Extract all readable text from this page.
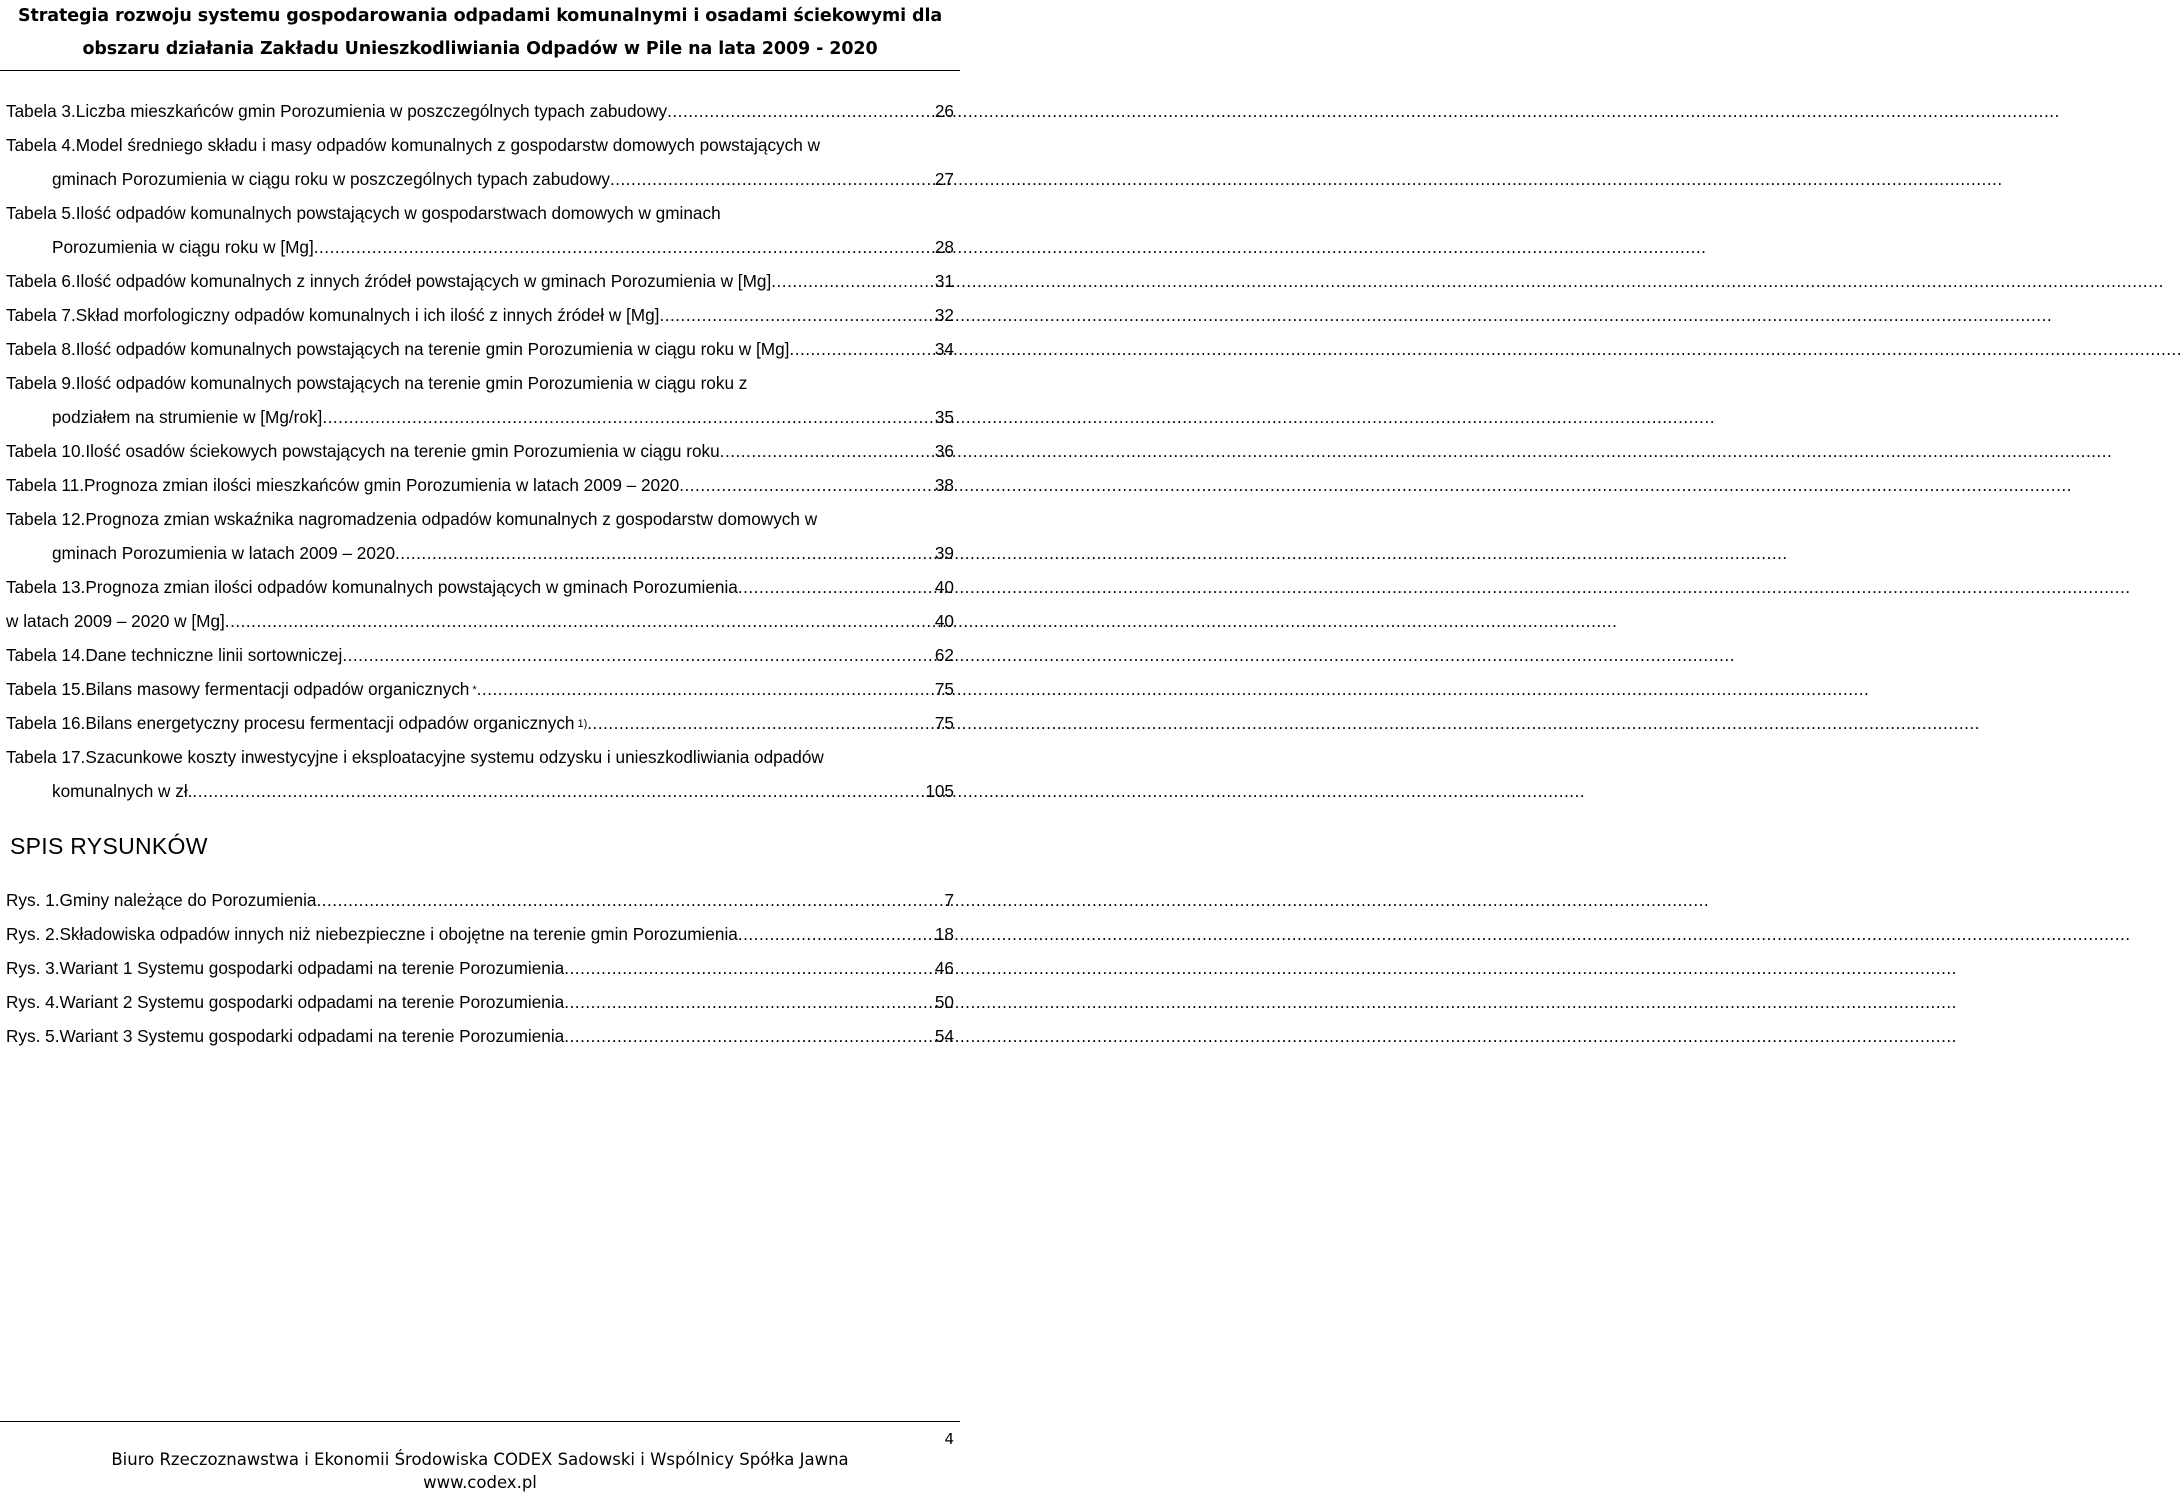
Strategia rozwoju systemu gospodarowania odpadami komunalnymi i osadami ściekowymi dla
obszaru działania Zakładu Unieszkodliwiania Odpadów w Pile na lata 2009 - 2020
Tabela 3. Liczba mieszkańców gmin Porozumienia w poszczególnych typach zabudowy .....	26
Tabela 4. Model średniego składu i masy odpadów komunalnych z gospodarstw domowych powstających w
gminach Porozumienia w ciągu roku w poszczególnych typach zabudowy .....	27
Tabela 5. Ilość odpadów komunalnych powstających w gospodarstwach domowych w gminach
Porozumienia w ciągu roku w [Mg] .....	28
Tabela 6. Ilość odpadów komunalnych z innych źródeł powstających w gminach Porozumienia w [Mg] .....	31
Tabela 7. Skład morfologiczny odpadów komunalnych i ich ilość z innych źródeł w [Mg] .....	32
Tabela 8. Ilość odpadów komunalnych powstających na terenie gmin Porozumienia w ciągu roku w [Mg] .....	34
Tabela 9. Ilość odpadów komunalnych powstających na terenie gmin Porozumienia w ciągu roku z
podziałem na strumienie w [Mg/rok] .....	35
Tabela 10. Ilość osadów ściekowych powstających na terenie gmin Porozumienia w ciągu roku .....	36
Tabela 11. Prognoza zmian ilości mieszkańców gmin Porozumienia w latach 2009 – 2020 .....	38
Tabela 12. Prognoza zmian wskaźnika nagromadzenia odpadów komunalnych z gospodarstw domowych w
gminach Porozumienia w latach 2009 – 2020 .....	39
Tabela 13. Prognoza zmian ilości odpadów komunalnych powstających w gminach Porozumienia .....	40
w latach 2009 – 2020 w [Mg] .....	40
Tabela 14. Dane techniczne linii sortowniczej .....	62
Tabela 15. Bilans masowy fermentacji odpadów organicznych * .....	75
Tabela 16. Bilans energetyczny procesu fermentacji odpadów organicznych $^{1)}$ .....	75
Tabela 17. Szacunkowe koszty inwestycyjne i eksploatacyjne systemu odzysku i unieszkodliwiania odpadów
komunalnych w zł. .....	105
SPIS RYSUNKÓW
Rys. 1. Gminy należące do Porozumienia .....	7
Rys. 2. Składowiska odpadów innych niż niebezpieczne i obojętne na terenie gmin Porozumienia .....	18
Rys. 3. Wariant 1 Systemu gospodarki odpadami na terenie Porozumienia .....	46
Rys. 4. Wariant 2 Systemu gospodarki odpadami na terenie Porozumienia .....	50
Rys. 5. Wariant 3 Systemu gospodarki odpadami na terenie Porozumienia .....	54
4
Biuro Rzeczoznawstwa i Ekonomii Środowiska CODEX Sadowski i Wspólnicy Spółka Jawna
www.codex.pl
